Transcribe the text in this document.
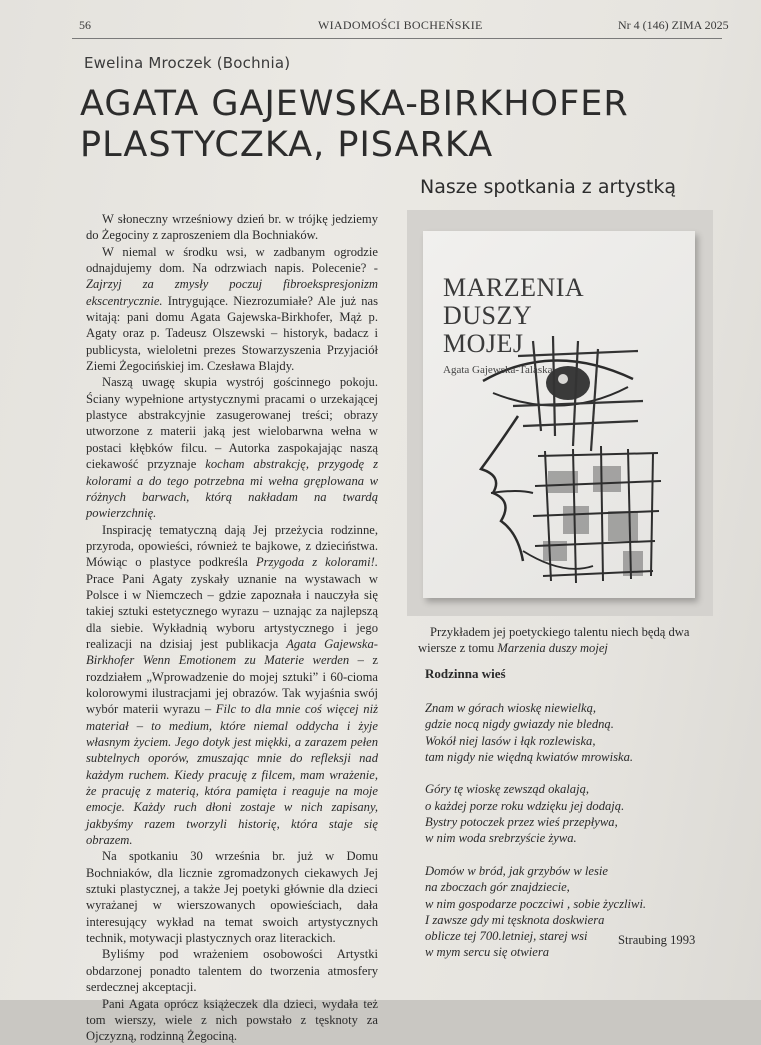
56	WIADOMOŚCI BOCHEŃSKIE	Nr 4 (146) ZIMA 2025
Ewelina Mroczek (Bochnia)
AGATA GAJEWSKA-BIRKHOFER
PLASTYCZKA, PISARKA
Nasze spotkania z artystką

W słoneczny wrześniowy dzień br. w trójkę jedziemy do Żegociny z zaproszeniem dla Bochniaków.

W niemal w środku wsi, w zadbanym ogrodzie odnajdujemy dom. Na odrzwiach napis. Polecenie? - Zajrzyj za zmysły poczuj fibroekspresjonizm ekscentrycznie. Intrygujące. Niezrozumiałe? Ale już nas witają: pani domu Agata Gajewska-Birkhofer, Mąż p. Agaty oraz p. Tadeusz Olszewski – historyk, badacz i publicysta, wieloletni prezes Stowarzyszenia Przyjaciół Ziemi Żegocińskiej im. Czesława Blajdy.

Naszą uwagę skupia wystrój gościnnego pokoju. Ściany wypełnione artystycznymi pracami o urzekającej plastyce abstrakcyjnie zasugerowanej treści; obrazy utworzone z materii jaką jest wielobarwna wełna w postaci kłębków filcu. – Autorka zaspokajając naszą ciekawość przyznaje kocham abstrakcję, przygodę z kolorami a do tego potrzebna mi wełna gręplowana w różnych barwach, którą nakładam na twardą powierzchnię.

Inspirację tematyczną dają Jej przeżycia rodzinne, przyroda, opowieści, również te bajkowe, z dzieciństwa. Mówiąc o plastyce podkreśla Przygoda z kolorami!. Prace Pani Agaty zyskały uznanie na wystawach w Polsce i w Niemczech – gdzie zapoznała i nauczyła się takiej sztuki estetycznego wyrazu – uznając za najlepszą dla siebie. Wykładnią wyboru artystycznego i jego realizacji na dzisiaj jest publikacja Agata Gajewska-Birkhofer Wenn Emotionem zu Materie werden – z rozdziałem „Wprowadzenie do mojej sztuki” i 60-cioma kolorowymi ilustracjami jej obrazów. Tak wyjaśnia swój wybór materii wyrazu – Filc to dla mnie coś więcej niż materiał – to medium, które niemal oddycha i żyje własnym życiem. Jego dotyk jest miękki, a zarazem pełen subtelnych oporów, zmuszając mnie do refleksji nad każdym ruchem. Kiedy pracuję z filcem, mam wrażenie, że pracuję z materią, która pamięta i reaguje na moje emocje. Każdy ruch dłoni zostaje w nich zapisany, jakbyśmy razem tworzyli historię, która staje się obrazem.

Na spotkaniu 30 września br. już w Domu Bochniaków, dla licznie zgromadzonych ciekawych Jej sztuki plastycznej, a także Jej poetyki głównie dla dzieci wyrażanej w wierszowanych opowieściach, dała interesujący wykład na temat swoich artystycznych technik, motywacji plastycznych oraz literackich.

Byliśmy pod wrażeniem osobowości Artystki obdarzonej ponadto talentem do tworzenia atmosfery serdecznej akceptacji.

Pani Agata oprócz książeczek dla dzieci, wydała też tom wierszy, wiele z nich powstało z tęsknoty za Ojczyzną, rodzinną Żegociną.

MARZENIA
DUSZY
MOJEJ
Agata Gajewska-Talaska
Przykładem jej poetyckiego talentu niech będą dwa wiersze z tomu Marzenia duszy mojej
Rodzinna wieś
Znam w górach wioskę niewielką,
gdzie nocą nigdy gwiazdy nie bledną.
Wokół niej lasów i łąk rozlewiska,
tam nigdy nie więdną kwiatów mrowiska.
Góry tę wioskę zewsząd okalają,
o każdej porze roku wdzięku jej dodają.
Bystry potoczek przez wieś przepływa,
w nim woda srebrzyście żywa.
Domów w bród, jak grzybów w lesie
na zboczach gór znajdziecie,
w nim gospodarze poczciwi , sobie życzliwi.
I zawsze gdy mi tęsknota doskwiera
oblicze tej 700.letniej, starej wsi
w mym sercu się otwiera
Straubing 1993
